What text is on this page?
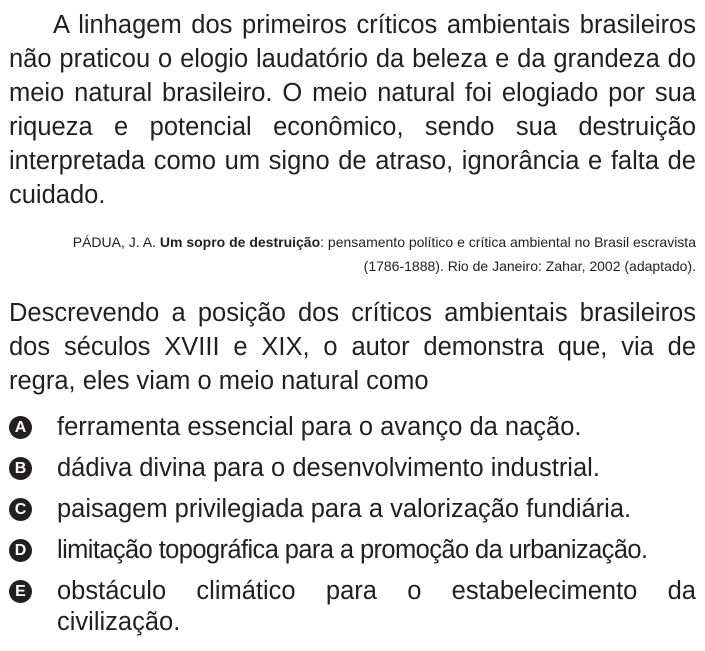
A linhagem dos primeiros críticos ambientais brasileiros não praticou o elogio laudatório da beleza e da grandeza do meio natural brasileiro. O meio natural foi elogiado por sua riqueza e potencial econômico, sendo sua destruição interpretada como um signo de atraso, ignorância e falta de cuidado.

PÁDUA, J. A. Um sopro de destruição: pensamento político e crítica ambiental no Brasil escravista (1786-1888). Rio de Janeiro: Zahar, 2002 (adaptado).

Descrevendo a posição dos críticos ambientais brasileiros dos séculos XVIII e XIX, o autor demonstra que, via de regra, eles viam o meio natural como

A ferramenta essencial para o avanço da nação.
B dádiva divina para o desenvolvimento industrial.
C paisagem privilegiada para a valorização fundiária.
D limitação topográfica para a promoção da urbanização.
E obstáculo climático para o estabelecimento da civilização.
